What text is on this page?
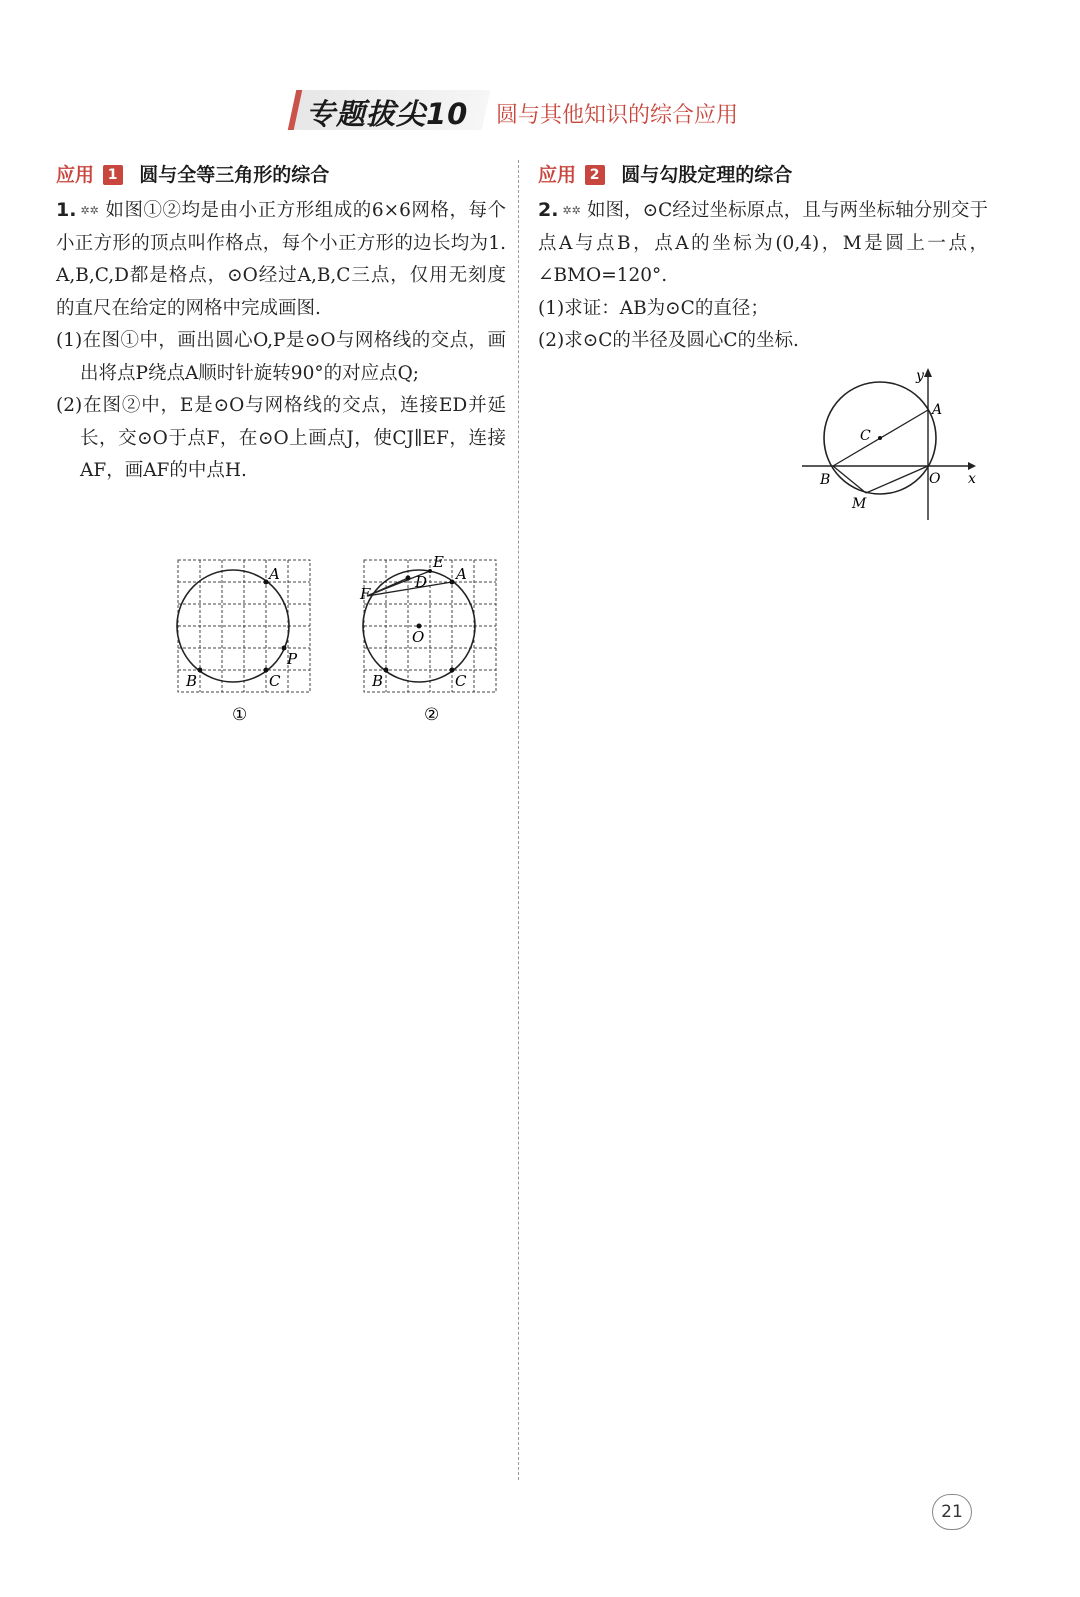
专题拔尖10 圆与其他知识的综合应用
应用 1 圆与全等三角形的综合
1. ✲✲ 如图①②均是由小正方形组成的6×6网格，每个小正方形的顶点叫作格点，每个小正方形的边长均为1. A,B,C,D都是格点，⊙O经过A,B,C三点，仅用无刻度的直尺在给定的网格中完成画图.
(1)在图①中，画出圆心O,P是⊙O与网格线的交点，画出将点P绕点A顺时针旋转90°的对应点Q;
(2)在图②中，E是⊙O与网格线的交点，连接ED并延长，交⊙O于点F，在⊙O上画点J，使CJ∥EF，连接AF，画AF的中点H.
A
B	C
P
①
A
D
E
F
O
B	C
②
应用 2 圆与勾股定理的综合
2. ✲✲ 如图，⊙C经过坐标原点，且与两坐标轴分别交于点A与点B，点A的坐标为(0,4)，M是圆上一点，∠BMO=120°.
(1)求证：AB为⊙C的直径；
(2)求⊙C的半径及圆心C的坐标.
y
x
A
B
C
O
M
21
